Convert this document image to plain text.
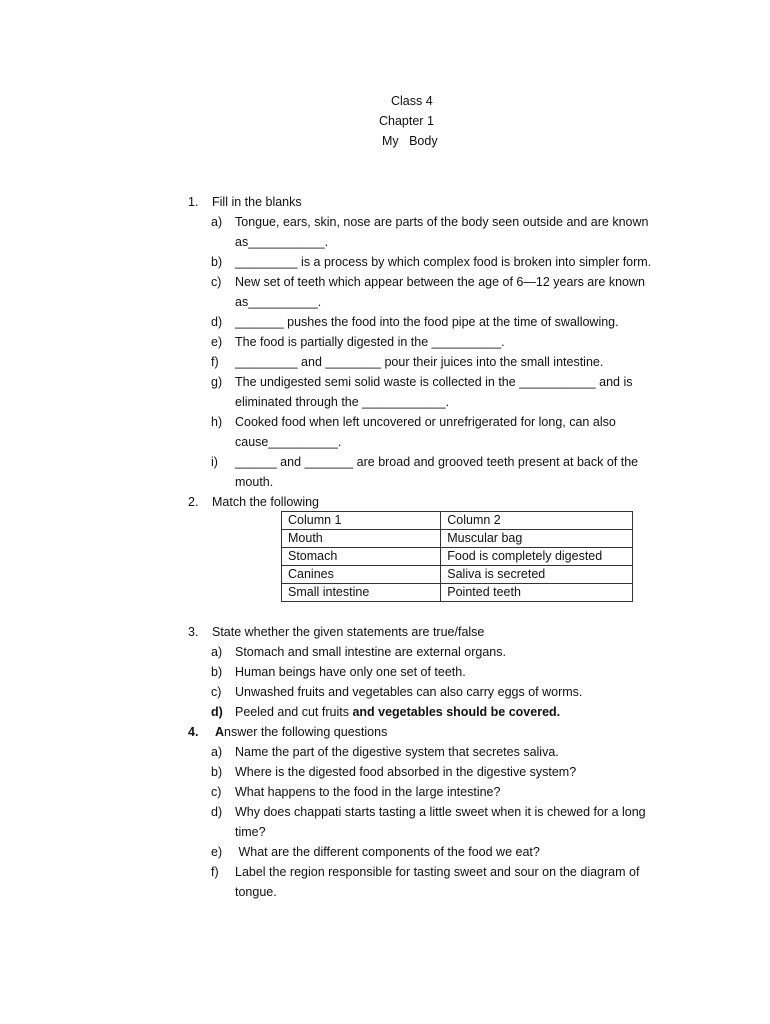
Class 4
Chapter 1
My   Body
1. Fill in the blanks
a) Tongue, ears, skin, nose are parts of the body seen outside and are known
as___________.
b) _________ is a process by which complex food is broken into simpler form.
c) New set of teeth which appear between the age of 6—12 years are known
as__________.
d) _______ pushes the food into the food pipe at the time of swallowing.
e) The food is partially digested in the __________.
f) _________ and ________ pour their juices into the small intestine.
g) The undigested semi solid waste is collected in the ___________ and is
eliminated through the ____________.
h) Cooked food when left uncovered or unrefrigerated for long, can also
cause__________.
i) ______ and _______ are broad and grooved teeth present at back of the
mouth.
2. Match the following
Column 1	Column 2
Mouth	Muscular bag
Stomach	Food is completely digested
Canines	Saliva is secreted
Small intestine	Pointed teeth
3. State whether the given statements are true/false
a) Stomach and small intestine are external organs.
b) Human beings have only one set of teeth.
c) Unwashed fruits and vegetables can also carry eggs of worms.
d) Peeled and cut fruits and vegetables should be covered.
4. Answer the following questions
a) Name the part of the digestive system that secretes saliva.
b) Where is the digested food absorbed in the digestive system?
c) What happens to the food in the large intestine?
d) Why does chappati starts tasting a little sweet when it is chewed for a long
time?
e) What are the different components of the food we eat?
f) Label the region responsible for tasting sweet and sour on the diagram of
tongue.
